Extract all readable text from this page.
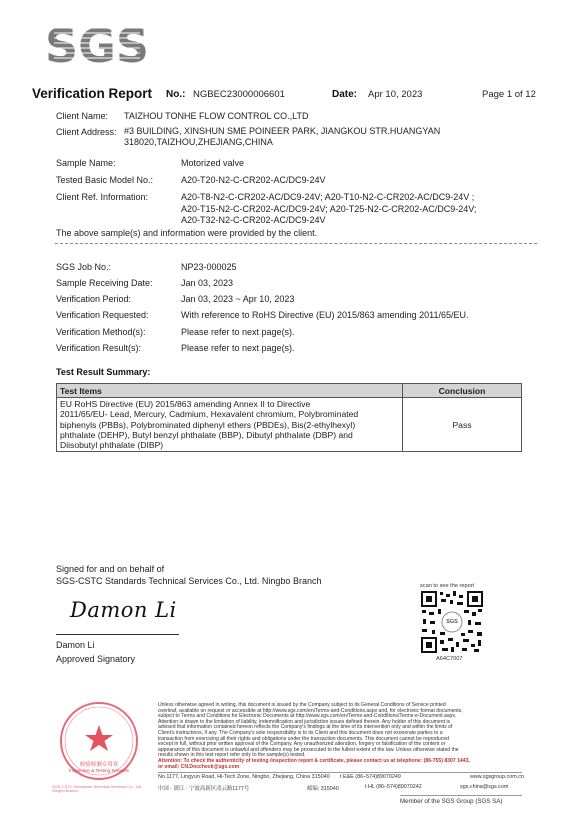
SGS
Verification Report No.: NGBEC23000006601	Date: Apr 10, 2023	Page 1 of 12
Client Name: TAIZHOU TONHE FLOW CONTROL CO.,LTD
Client Address: #3 BUILDING, XINSHUN SME POINEER PARK, JIANGKOU STR.HUANGYAN
318020,TAIZHOU,ZHEJIANG,CHINA
Sample Name:	Motorized valve
Tested Basic Model No.:	A20-T20-N2-C-CR202-AC/DC9-24V
Client Ref. Information:	A20-T8-N2-C-CR202-AC/DC9-24V; A20-T10-N2-C-CR202-AC/DC9-24V ;
A20-T15-N2-C-CR202-AC/DC9-24V; A20-T25-N2-C-CR202-AC/DC9-24V;
A20-T32-N2-C-CR202-AC/DC9-24V
The above sample(s) and information were provided by the client.
SGS Job No.:	NP23-000025
Sample Receiving Date:	Jan 03, 2023
Verification Period:	Jan 03, 2023 ~ Apr 10, 2023
Verification Requested:	With reference to RoHS Directive (EU) 2015/863 amending 2011/65/EU.
Verification Method(s):	Please refer to next page(s).
Verification Result(s):	Please refer to next page(s).
Test Result Summary:
Test Items	Conclusion

EU RoHS Directive (EU) 2015/863 amending Annex II to Directive
2011/65/EU- Lead, Mercury, Cadmium, Hexavalent chromium, Polybrominated
biphenyls (PBBs), Polybrominated diphenyl ethers (PBDEs), Bis(2-ethylhexyl)
phthalate (DEHP), Butyl benzyl phthalate (BBP), Dibutyl phthalate (DBP) and
Diisobutyl phthalate (DIBP)	Pass
Signed for and on behalf of
SGS-CSTC Standards Technical Services Co., Ltd. Ningbo Branch
Damon Li
Damon Li
Approved Signatory
scan to see the report
SGS
A64C7007
检验检测专用章
Inspection & Testing Services
SGS-CSTC Standards Technical Services Co., Ltd. Ningbo Branch
Unless otherwise agreed in writing, this document is issued by the Company subject to its General Conditions of Service printed
overleaf, available on request or accessible at http://www.sgs.com/en/Terms-and-Conditions.aspx and, for electronic format documents,
subject to Terms and Conditions for Electronic Documents at http://www.sgs.com/en/Terms-and-Conditions/Terms-e-Document.aspx.
Attention is drawn to the limitation of liability, indemnification and jurisdiction issues defined therein. Any holder of this document is
advised that information contained hereon reflects the Company's findings at the time of its intervention only and within the limits of
Client's instructions, if any. The Company's sole responsibility is to its Client and this document does not exonerate parties to a
transaction from exercising all their rights and obligations under the transaction documents. This document cannot be reproduced
except in full, without prior written approval of the Company. Any unauthorized alteration, forgery or falsification of the content or
appearance of this document is unlawful and offenders may be prosecuted to the fullest extent of the law. Unless otherwise stated the
results shown in this test report refer only to the sample(s) tested.
Attention: To check the authenticity of testing /inspection report & certificate, please contact us at telephone: (86-755) 8307 1443,
or email: CN.Doccheck@sgs.com
No.1177, Lingyun Road, Hi-Tech Zone, Ningbo, Zhejiang, China 315040 t E&E (86–574)89070249	www.sgsgroup.com.cn
中国 · 浙江 · 宁波高新区凌云路1177号	邮编: 315040	t HL (86–574)89070242	sgs.china@sgs.com
Member of the SGS Group (SGS SA)
